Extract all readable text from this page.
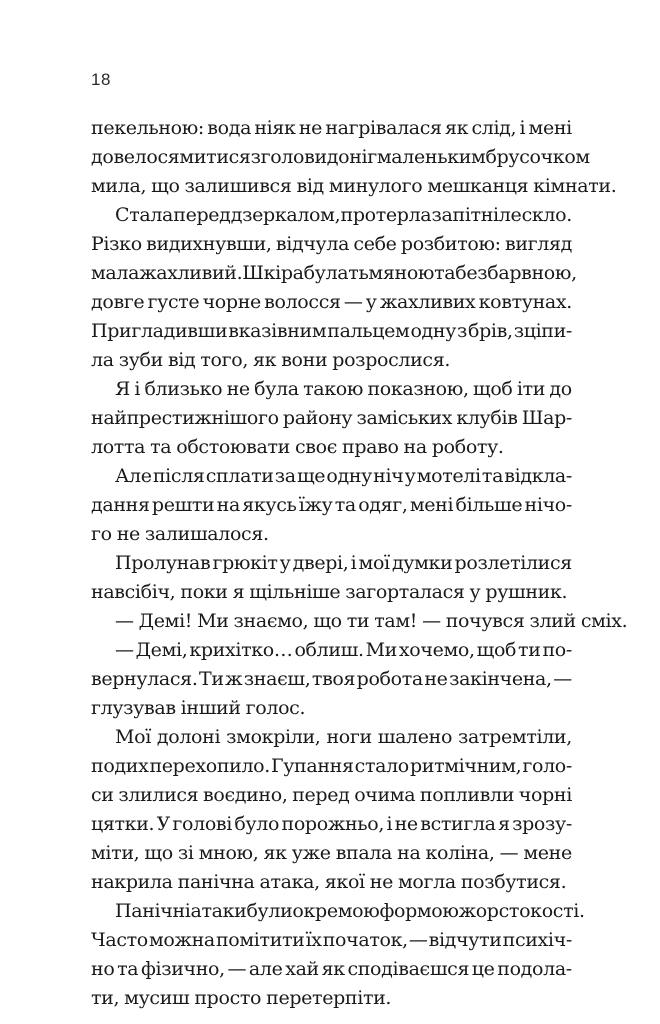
18
пекельною: вода ніяк не нагрівалася як слід, і мені
довелося митися з голови до ніг маленьким брусочком
мила, що залишився від минулого мешканця кімнати.
Стала перед дзеркалом, протерла запітніле скло.
Різко видихнувши, відчула себе розбитою: вигляд
мала жахливий. Шкіра була тьмяною та безбарвною,
довге густе чорне волосся — у жахливих ковтунах.
Пригладивши вказівним пальцем одну з брів, зціпи-
ла зуби від того, як вони розрослися.
Я і близько не була такою показною, щоб іти до
найпрестижнішого району заміських клубів Шар-
лотта та обстоювати своє право на роботу.
Але після сплати за ще одну ніч у мотелі та відкла-
дання решти на якусь їжу та одяг, мені більше нічо-
го не залишалося.
Пролунав грюкіт у двері, і мої думки розлетілися
навсібіч, поки я щільніше загорталася у рушник.
— Демі! Ми знаємо, що ти там! — почувся злий сміх.
— Демі, крихітко… облиш. Ми хочемо, щоб ти по-
вернулася. Ти ж знаєш, твоя робота не закінчена, —
глузував інший голос.
Мої долоні змокріли, ноги шалено затремтіли,
подих перехопило. Гупання стало ритмічним, голо-
си злилися воєдино, перед очима попливли чорні
цятки. У голові було порожньо, і не встигла я зрозу-
міти, що зі мною, як уже впала на коліна, — мене
накрила панічна атака, якої не могла позбутися.
Панічні атаки були окремою формою жорстокості.
Часто можна помітити їх початок, — відчути психіч-
но та фізично, — але хай як сподіваєшся це подола-
ти, мусиш просто перетерпіти.
